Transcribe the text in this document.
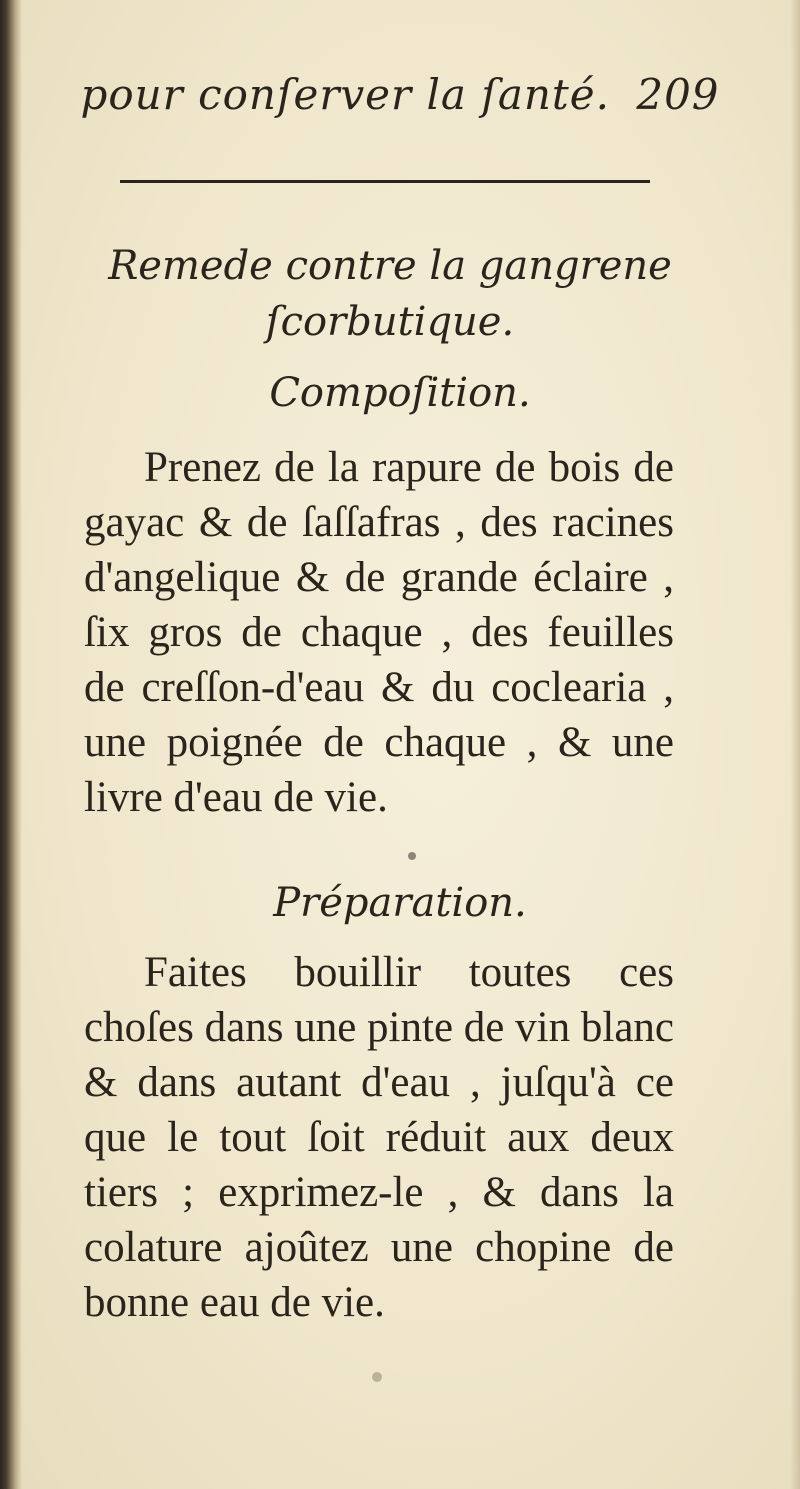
pour conſerver la ſanté. 209
Remede contre la gangrene ſcorbutique.
Compoſition.

Prenez de la rapure de bois de gayac & de ſaſſafras , des racines d'angelique & de grande éclaire , ſix gros de chaque , des feuilles de creſſon-d'eau & du coclearia , une poignée de chaque , & une livre d'eau de vie.

Préparation.

Faites bouillir toutes ces choſes dans une pinte de vin blanc & dans autant d'eau , juſqu'à ce que le tout ſoit réduit aux deux tiers ; exprimez-le , & dans la colature ajoûtez une chopine de bonne eau de vie.
